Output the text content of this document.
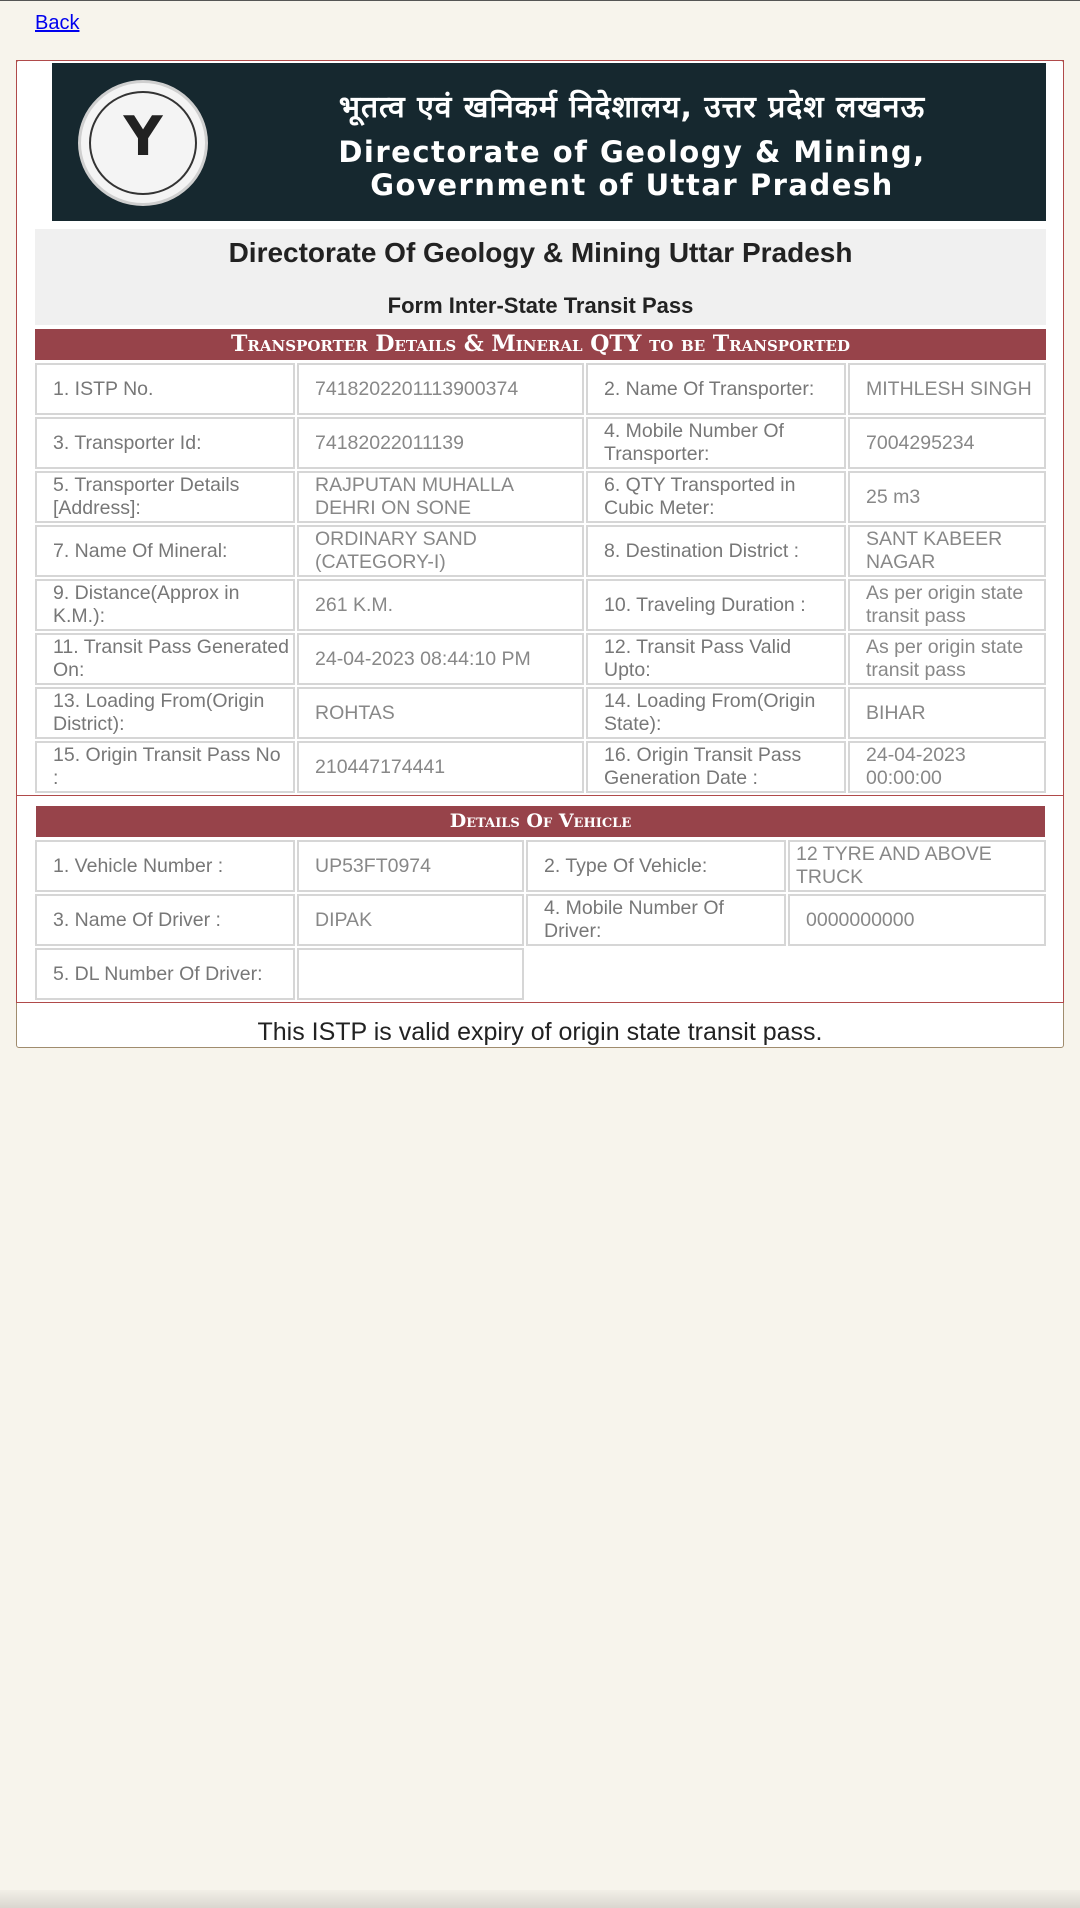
Back
Y	भूतत्व एवं खनिकर्म निदेशालय, उत्तर प्रदेश लखनऊ
Directorate of Geology & Mining,
Government of Uttar Pradesh
Directorate Of Geology & Mining Uttar Pradesh
Form Inter-State Transit Pass
Transporter Details & Mineral QTY to be Transported
1. ISTP No.	741820220111390037​4	2. Name Of Transporter:	MITHLESH SINGH
3. Transporter Id:	74182022011139
4. Mobile Number Of Transporter:
7004295234
5. Transporter Details [Address]:
RAJPUTAN MUHALLA DEHRI ON SONE
6. QTY Transported in Cubic Meter:
25 m3
7. Name Of Mineral:
ORDINARY SAND (CATEGORY-I)
8. Destination District :
SANT KABEER NAGAR
9. Distance(Approx in K.M.):
261 K.M.	10. Traveling Duration :
As per origin state transit pass
11. Transit Pass Generated On:
24-04-2023 08:44:10 PM
12. Transit Pass Valid Upto:
As per origin state transit pass
13. Loading From(Origin District):
ROHTAS
14. Loading From(Origin State):
BIHAR
15. Origin Transit Pass No :
210447174441
16. Origin Transit Pass Generation Date :
24-04-2023 00:00:00
Details Of Vehicle
1. Vehicle Number :	UP53FT0974	2. Type Of Vehicle:
12 TYRE AND ABOVE TRUCK
3. Name Of Driver :	DIPAK
4. Mobile Number Of Driver:
0000000000
5. DL Number Of Driver:
This ISTP is valid expiry of origin state transit pass.
